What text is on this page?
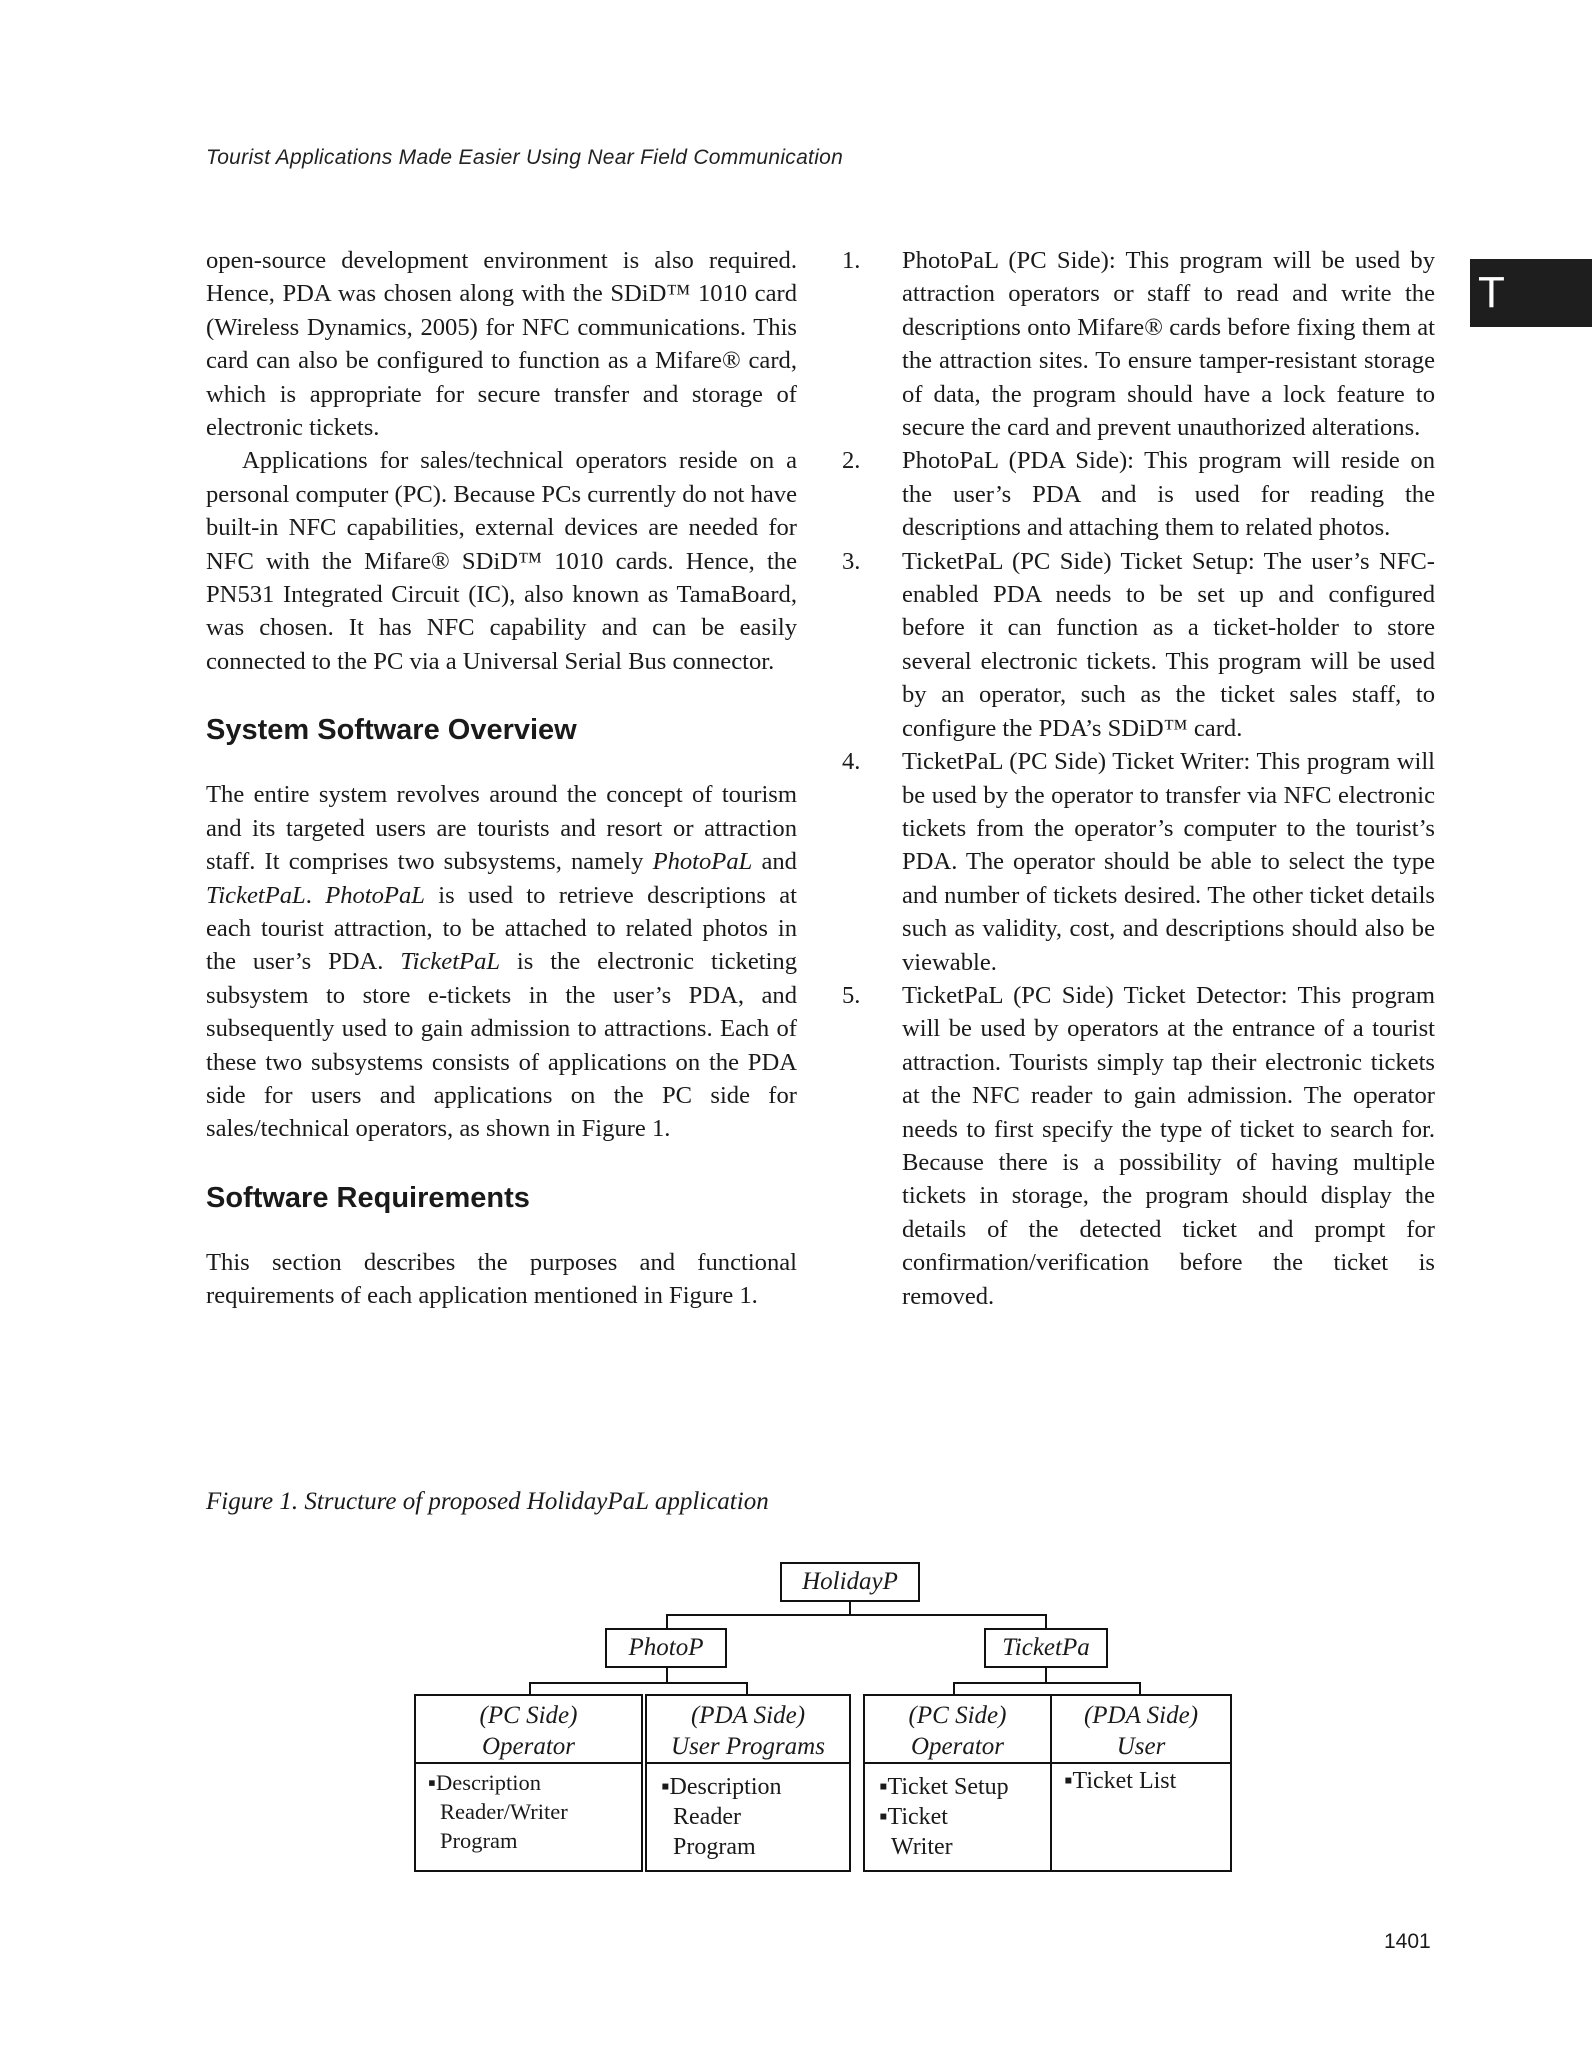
Tourist Applications Made Easier Using Near Field Communication
T

open-source development environment is also required. Hence, PDA was chosen along with the SDiD™ 1010 card (Wireless Dynamics, 2005) for NFC communications. This card can also be configured to function as a Mifare® card, which is appropriate for secure transfer and storage of electronic tickets.

Applications for sales/technical operators reside on a personal computer (PC). Because PCs currently do not have built-in NFC capabilities, external devices are needed for NFC with the Mifare® SDiD™ 1010 cards. Hence, the PN531 Integrated Circuit (IC), also known as TamaBoard, was chosen. It has NFC capability and can be easily connected to the PC via a Universal Serial Bus connector.

System Software Overview

The entire system revolves around the concept of tourism and its targeted users are tourists and resort or attraction staff. It comprises two subsystems, namely PhotoPaL and TicketPaL. PhotoPaL is used to retrieve descriptions at each tourist attraction, to be attached to related photos in the user’s PDA. TicketPaL is the electronic ticketing subsystem to store e-tickets in the user’s PDA, and subsequently used to gain admission to attractions. Each of these two subsystems consists of applications on the PDA side for users and applications on the PC side for sales/technical operators, as shown in Figure 1.

Software Requirements

This section describes the purposes and functional requirements of each application mentioned in Figure 1.

1. PhotoPaL (PC Side): This program will be used by attraction operators or staff to read and write the descriptions onto Mifare® cards before fixing them at the attraction sites. To ensure tamper-resistant storage of data, the program should have a lock feature to secure the card and prevent unauthorized alterations.
2. PhotoPaL (PDA Side): This program will reside on the user’s PDA and is used for reading the descriptions and attaching them to related photos.
3. TicketPaL (PC Side) Ticket Setup: The user’s NFC-enabled PDA needs to be set up and configured before it can function as a ticket-holder to store several electronic tickets. This program will be used by an operator, such as the ticket sales staff, to configure the PDA’s SDiD™ card.
4. TicketPaL (PC Side) Ticket Writer: This program will be used by the operator to transfer via NFC electronic tickets from the operator’s computer to the tourist’s PDA. The operator should be able to select the type and number of tickets desired. The other ticket details such as validity, cost, and descriptions should also be viewable.
5. TicketPaL (PC Side) Ticket Detector: This program will be used by operators at the entrance of a tourist attraction. Tourists simply tap their electronic tickets at the NFC reader to gain admission. The operator needs to first specify the type of ticket to search for. Because there is a possibility of having multiple tickets in storage, the program should display the details of the detected ticket and prompt for confirmation/verification before the ticket is removed.
Figure 1. Structure of proposed HolidayPaL application
HolidayP
PhotoP	TicketPa
(PC Side)
Operator
▪Description
Reader/Writer
Program
(PDA Side)
User Programs
▪Description
Reader
Program
(PC Side)
Operator
▪Ticket Setup
▪Ticket
Writer
(PDA Side)
User
▪Ticket List
1401
